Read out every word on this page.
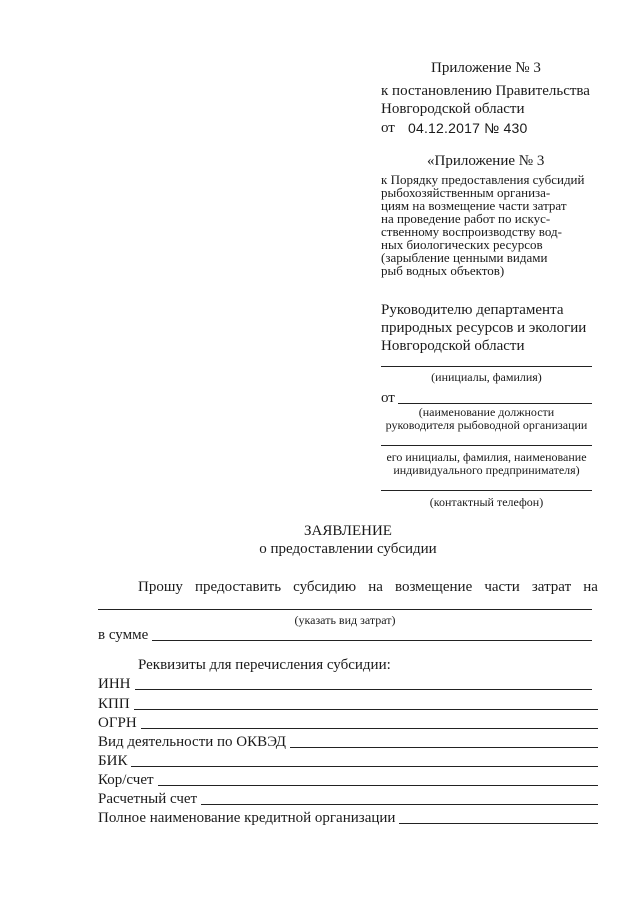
Приложение № 3
к постановлению Правительства
Новгородской области
от 04.12.2017 № 430
«Приложение № 3
к Порядку предоставления субсидий
рыбохозяйственным организа-
циям на возмещение части затрат
на проведение работ по искус-
ственному воспроизводству вод-
ных биологических ресурсов
(зарыбление ценными видами
рыб водных объектов)
Руководителю департамента
природных ресурсов и экологии
Новгородской области
(инициалы, фамилия)
от
(наименование должности
руководителя рыбоводной организации
его инициалы, фамилия, наименование
индивидуального предпринимателя)
(контактный телефон)
ЗАЯВЛЕНИЕ
о предоставлении субсидии
Прошу предоставить субсидию на возмещение части затрат на
(указать вид затрат)
в сумме
Реквизиты для перечисления субсидии:
ИНН
КПП
ОГРН
Вид деятельности по ОКВЭД
БИК
Кор/счет
Расчетный счет
Полное наименование кредитной организации
